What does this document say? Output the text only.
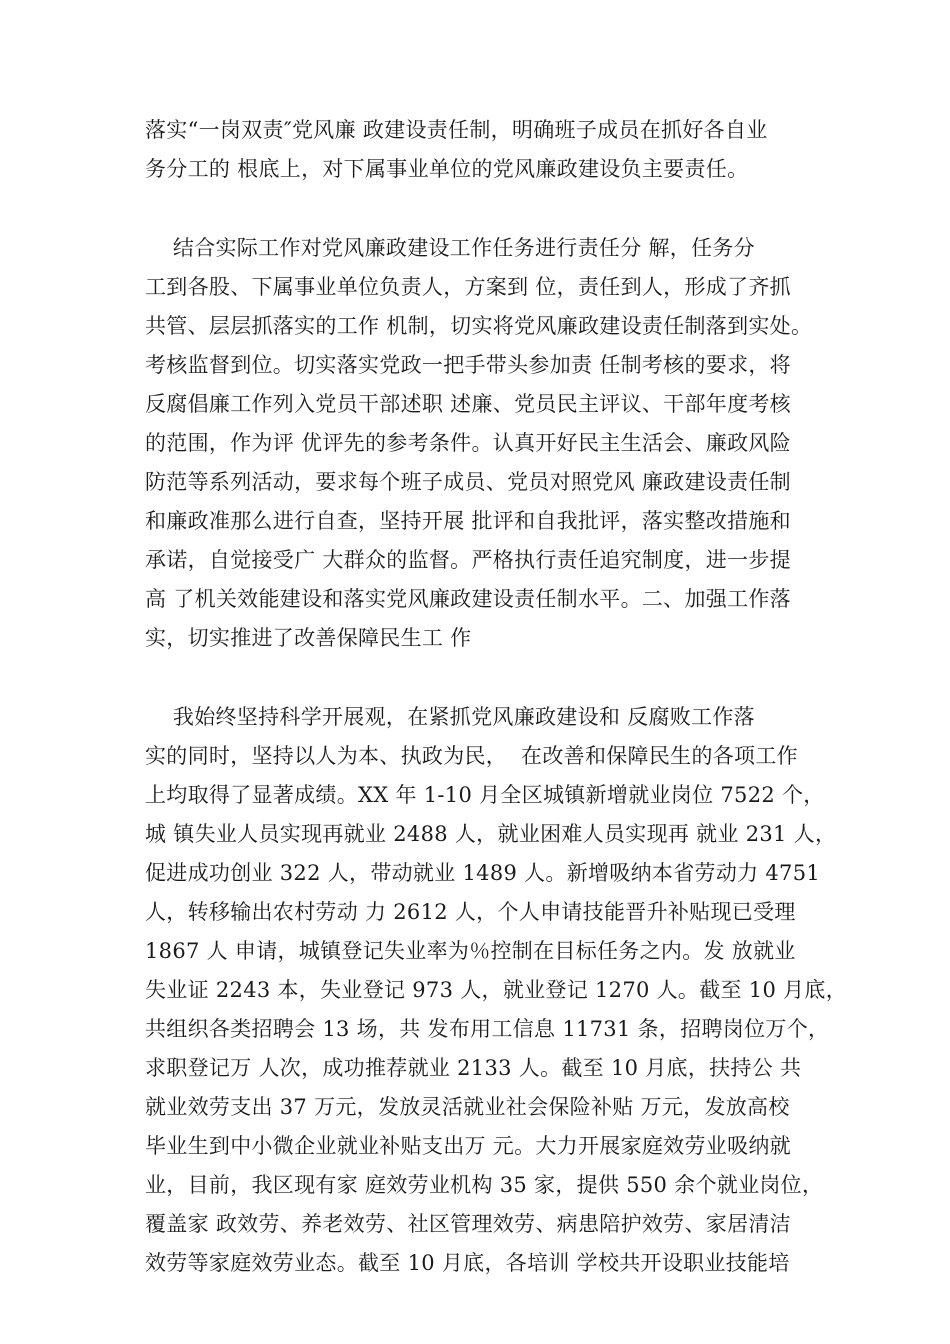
落实“一岗双责″党风廉 政建设责任制，明确班子成员在抓好各自业
务分工的 根底上，对下属事业单位的党风廉政建设负主要责任。
结合实际工作对党风廉政建设工作任务进行责任分 解，任务分
工到各股、下属事业单位负责人，方案到 位，责任到人，形成了齐抓
共管、层层抓落实的工作 机制，切实将党风廉政建设责任制落到实处。
考核监督到位。切实落实党政一把手带头参加责 任制考核的要求，将
反腐倡廉工作列入党员干部述职 述廉、党员民主评议、干部年度考核
的范围，作为评 优评先的参考条件。认真开好民主生活会、廉政风险
防范等系列活动，要求每个班子成员、党员对照党风 廉政建设责任制
和廉政准那么进行自查，坚持开展 批评和自我批评，落实整改措施和
承诺，自觉接受广 大群众的监督。严格执行责任追究制度，进一步提
高 了机关效能建设和落实党风廉政建设责任制水平。二、加强工作落
实，切实推进了改善保障民生工 作
我始终坚持科学开展观，在紧抓党风廉政建设和 反腐败工作落
实的同时，坚持以人为本、执政为民，  在改善和保障民生的各项工作
上均取得了显著成绩。XX 年 1-10 月全区城镇新增就业岗位 7522 个，
城 镇失业人员实现再就业 2488 人，就业困难人员实现再 就业 231 人，
促进成功创业 322 人，带动就业 1489 人。新增吸纳本省劳动力 4751
人，转移输出农村劳动 力 2612 人，个人申请技能晋升补贴现已受理
1867 人 申请，城镇登记失业率为％控制在目标任务之内。发 放就业
失业证 2243 本，失业登记 973 人，就业登记 1270 人。截至 10 月底，
共组织各类招聘会 13 场，共 发布用工信息 11731 条，招聘岗位万个，
求职登记万 人次，成功推荐就业 2133 人。截至 10 月底，扶持公 共
就业效劳支出 37 万元，发放灵活就业社会保险补贴 万元，发放高校
毕业生到中小微企业就业补贴支出万 元。大力开展家庭效劳业吸纳就
业，目前，我区现有家 庭效劳业机构 35 家，提供 550 余个就业岗位，
覆盖家 政效劳、养老效劳、社区管理效劳、病患陪护效劳、家居清洁
效劳等家庭效劳业态。截至 10 月底，各培训 学校共开设职业技能培
